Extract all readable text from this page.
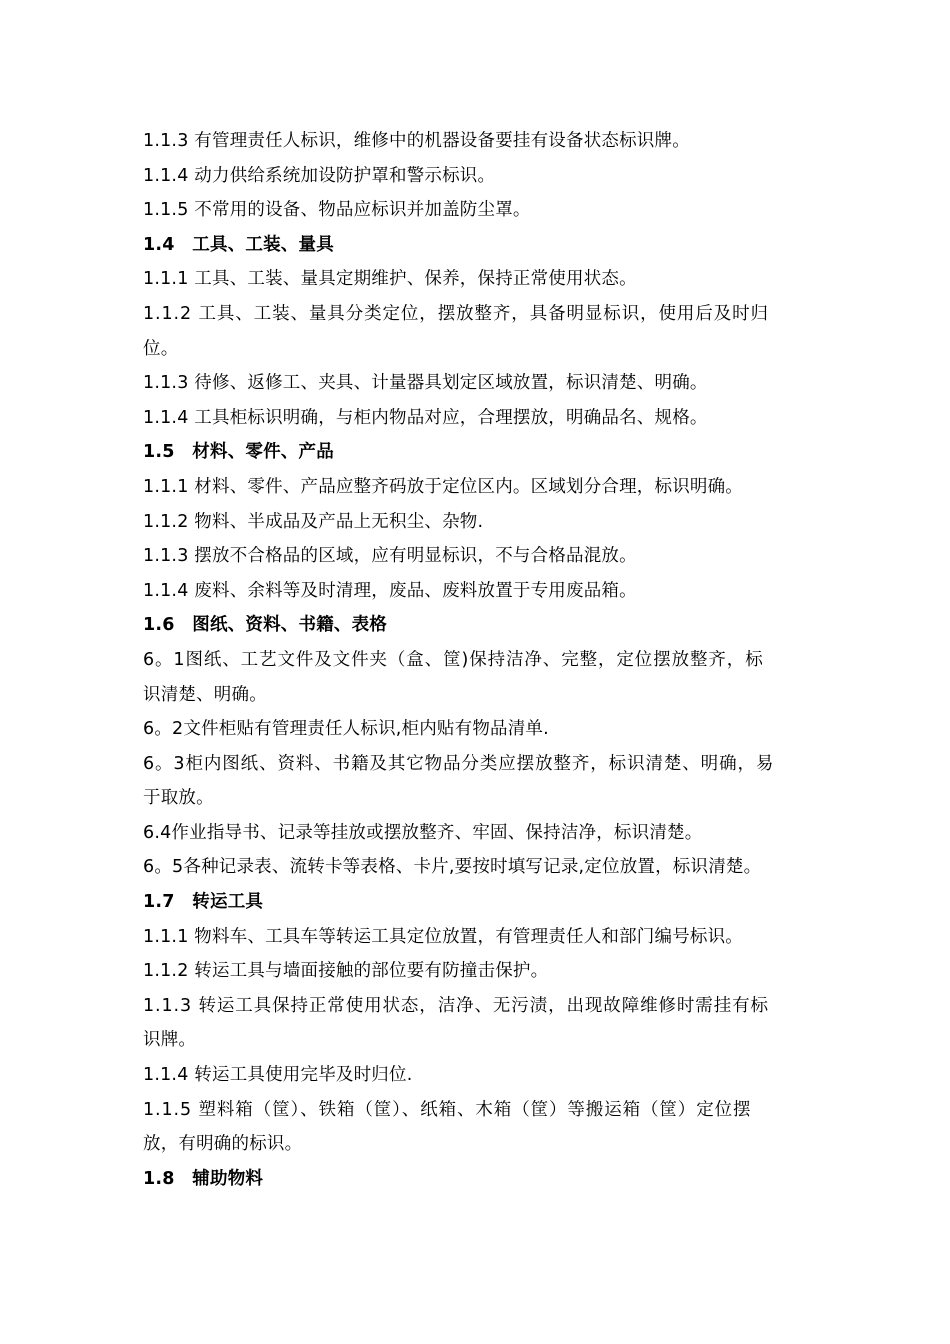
1.1.3 有管理责任人标识，维修中的机器设备要挂有设备状态标识牌。
1.1.4 动力供给系统加设防护罩和警示标识。
1.1.5 不常用的设备、物品应标识并加盖防尘罩。
1.4　工具、工装、量具
1.1.1 工具、工装、量具定期维护、保养，保持正常使用状态。
1.1.2 工具、工装、量具分类定位，摆放整齐，具备明显标识，使用后及时归
位。
1.1.3 待修、返修工、夹具、计量器具划定区域放置，标识清楚、明确。
1.1.4 工具柜标识明确，与柜内物品对应，合理摆放，明确品名、规格。
1.5　材料、零件、产品
1.1.1 材料、零件、产品应整齐码放于定位区内。区域划分合理，标识明确。
1.1.2 物料、半成品及产品上无积尘、杂物.
1.1.3 摆放不合格品的区域，应有明显标识，不与合格品混放。
1.1.4 废料、余料等及时清理，废品、废料放置于专用废品箱。
1.6　图纸、资料、书籍、表格
6。1图纸、工艺文件及文件夹（盒、筐)保持洁净、完整，定位摆放整齐，标
识清楚、明确。
6。2文件柜贴有管理责任人标识,柜内贴有物品清单.
6。3柜内图纸、资料、书籍及其它物品分类应摆放整齐，标识清楚、明确，易
于取放。
6.4作业指导书、记录等挂放或摆放整齐、牢固、保持洁净，标识清楚。
6。5各种记录表、流转卡等表格、卡片,要按时填写记录,定位放置，标识清楚。
1.7　转运工具
1.1.1 物料车、工具车等转运工具定位放置，有管理责任人和部门编号标识。
1.1.2 转运工具与墙面接触的部位要有防撞击保护。
1.1.3 转运工具保持正常使用状态，洁净、无污渍，出现故障维修时需挂有标
识牌。
1.1.4 转运工具使用完毕及时归位.
1.1.5 塑料箱（筐）、铁箱（筐）、纸箱、木箱（筐）等搬运箱（筐）定位摆
放，有明确的标识。
1.8　辅助物料
